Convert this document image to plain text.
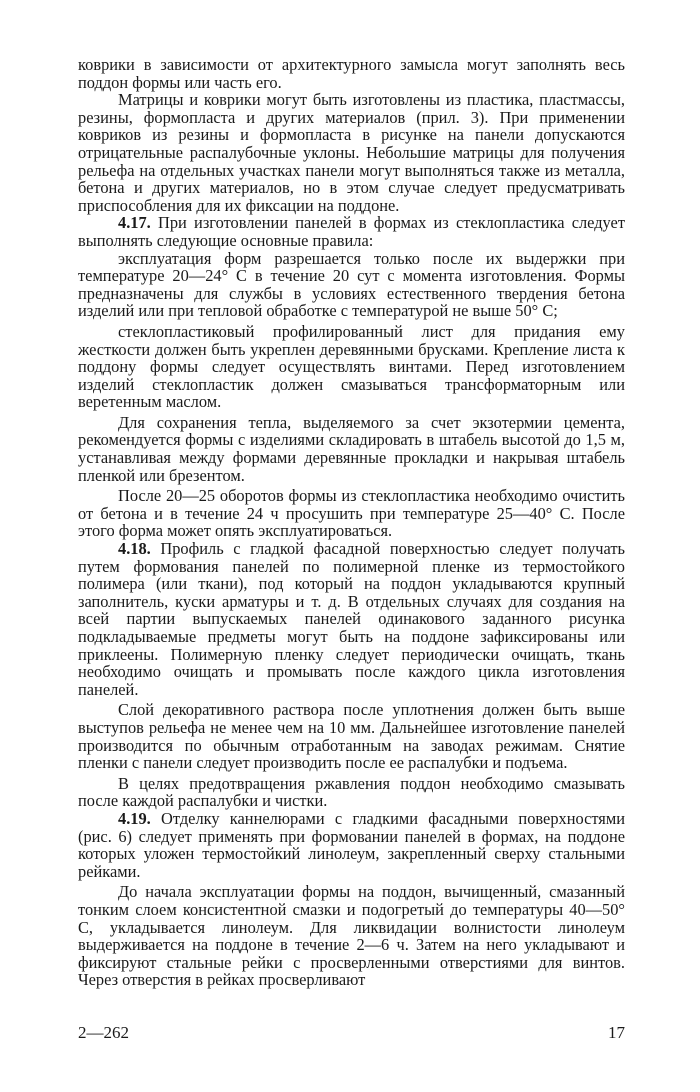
коврики в зависимости от архитектурного замысла могут заполнять весь поддон формы или часть его.

Матрицы и коврики могут быть изготовлены из пластика, пластмассы, резины, формопласта и других материалов (прил. 3). При применении ковриков из резины и формопласта в рисунке на панели допускаются отрицательные распалубочные уклоны. Небольшие матрицы для получения рельефа на отдельных участках панели могут выполняться также из металла, бетона и других материалов, но в этом случае следует предусматривать приспособления для их фиксации на поддоне.

4.17. При изготовлении панелей в формах из стеклопластика следует выполнять следующие основные правила:

эксплуатация форм разрешается только после их выдержки при температуре 20—24° С в течение 20 сут с момента изготовления. Формы предназначены для службы в условиях естественного твердения бетона изделий или при тепловой обработке с температурой не выше 50° С;

стеклопластиковый профилированный лист для придания ему жесткости должен быть укреплен деревянными брусками. Крепление листа к поддону формы следует осуществлять винтами. Перед изготовлением изделий стеклопластик должен смазываться трансформаторным или веретенным маслом.

Для сохранения тепла, выделяемого за счет экзотермии цемента, рекомендуется формы с изделиями складировать в штабель высотой до 1,5 м, устанавливая между формами деревянные прокладки и накрывая штабель пленкой или брезентом.

После 20—25 оборотов формы из стеклопластика необходимо очистить от бетона и в течение 24 ч просушить при температуре 25—40° С. После этого форма может опять эксплуатироваться.

4.18. Профиль с гладкой фасадной поверхностью следует получать путем формования панелей по полимерной пленке из термостойкого полимера (или ткани), под который на поддон укладываются крупный заполнитель, куски арматуры и т. д. В отдельных случаях для создания на всей партии выпускаемых панелей одинакового заданного рисунка подкладываемые предметы могут быть на поддоне зафиксированы или приклеены. Полимерную пленку следует периодически очищать, ткань необходимо очищать и промывать после каждого цикла изготовления панелей.

Слой декоративного раствора после уплотнения должен быть выше выступов рельефа не менее чем на 10 мм. Дальнейшее изготовление панелей производится по обычным отработанным на заводах режимам. Снятие пленки с панели следует производить после ее распалубки и подъема.

В целях предотвращения ржавления поддон необходимо смазывать после каждой распалубки и чистки.

4.19. Отделку каннелюрами с гладкими фасадными поверхностями (рис. 6) следует применять при формовании панелей в формах, на поддоне которых уложен термостойкий линолеум, закрепленный сверху стальными рейками.

До начала эксплуатации формы на поддон, вычищенный, смазанный тонким слоем консистентной смазки и подогретый до температуры 40—50° С, укладывается линолеум. Для ликвидации волнистости линолеум выдерживается на поддоне в течение 2—6 ч. Затем на него укладывают и фиксируют стальные рейки с просверленными отверстиями для винтов. Через отверстия в рейках просверливают

2—262	17
